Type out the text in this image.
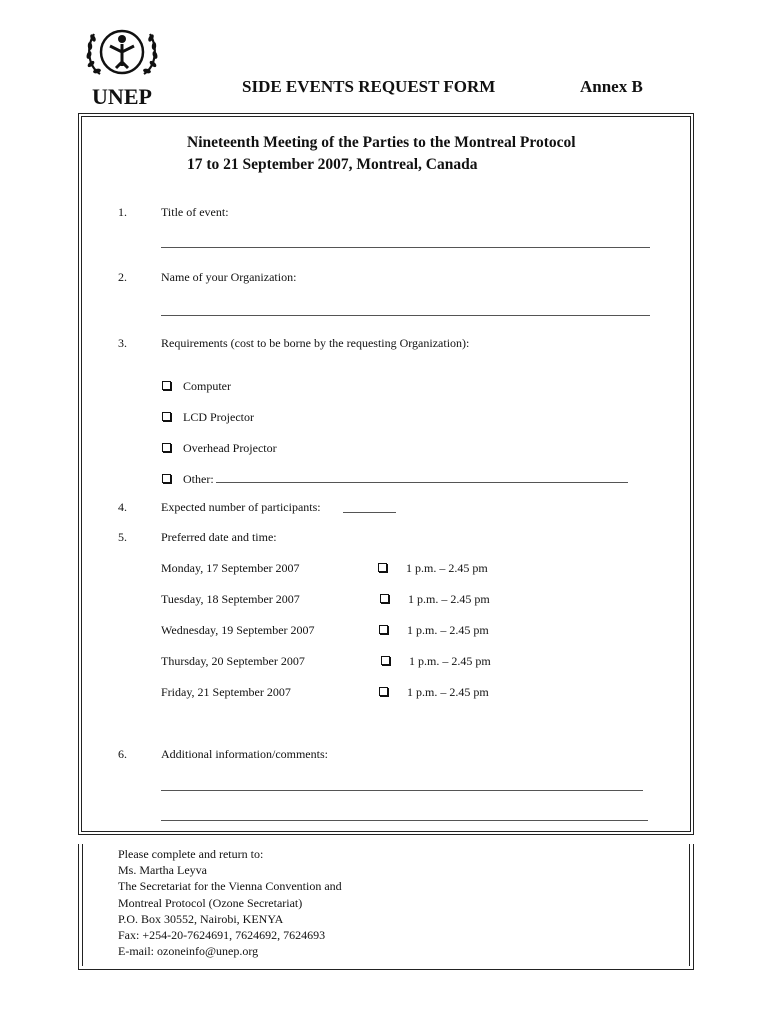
UNEP	SIDE EVENTS REQUEST FORM	Annex B
Nineteenth Meeting of the Parties to the Montreal Protocol
17 to 21 September 2007, Montreal, Canada
1.	Title of event:
2.	Name of your Organization:
3.	Requirements (cost to be borne by the requesting Organization):
Computer
LCD Projector
Overhead Projector
Other:
4.	Expected number of participants:
5.	Preferred date and time:
Monday, 17 September 2007	1 p.m. – 2.45 pm
Tuesday, 18 September 2007	1 p.m. – 2.45 pm
Wednesday, 19 September 2007	1 p.m. – 2.45 pm
Thursday, 20 September 2007	1 p.m. – 2.45 pm
Friday, 21 September 2007	1 p.m. – 2.45 pm
6.	Additional information/comments:
Please complete and return to:
Ms. Martha Leyva
The Secretariat for the Vienna Convention and
Montreal Protocol (Ozone Secretariat)
P.O. Box 30552, Nairobi, KENYA
Fax: +254-20-7624691, 7624692, 7624693
E-mail: ozoneinfo@unep.org
